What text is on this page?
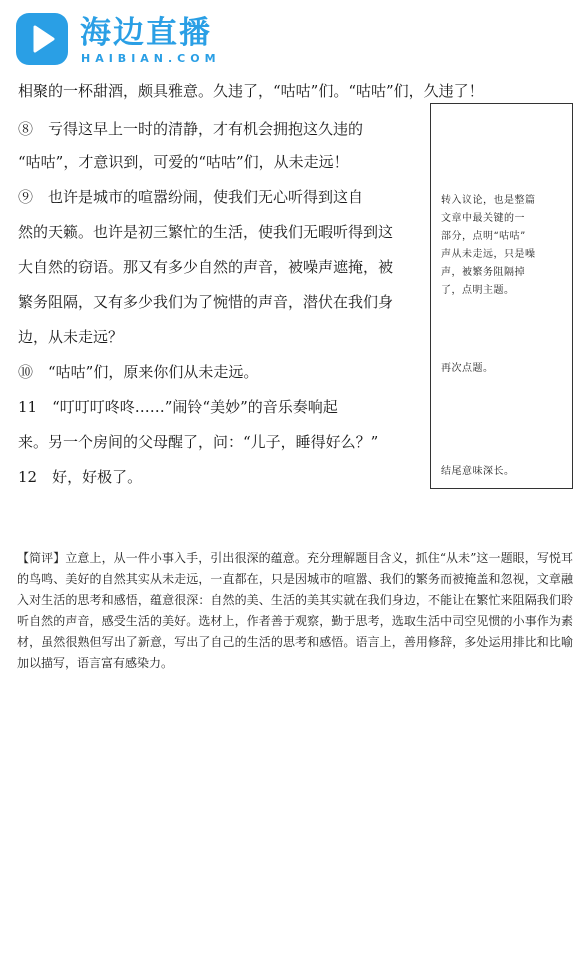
海边直播
HAIBIAN.COM
相聚的一杯甜酒，颇具雅意。久违了，“咕咕”们。“咕咕”们，久违了！
⑧　亏得这早上一时的清静，才有机会拥抱这久违的
“咕咕”，才意识到，可爱的“咕咕”们，从未走远！
⑨　也许是城市的喧嚣纷闹，使我们无心听得到这自
然的天籁。也许是初三繁忙的生活，使我们无暇听得到这
大自然的窃语。那又有多少自然的声音，被噪声遮掩，被
繁务阻隔，又有多少我们为了惋惜的声音，潜伏在我们身
边，从未走远？
⑩　“咕咕”们，原来你们从未走远。
11　“叮叮叮咚咚……”闹铃“美妙”的音乐奏响起
来。另一个房间的父母醒了，问：“儿子，睡得好么？”
12　好，好极了。
转入议论，也是整篇
文章中最关键的一
部分，点明“咕咕”
声从未走远，只是噪
声，被繁务阻隔掉
了，点明主题。
再次点题。
结尾意味深长。
【简评】立意上，从一件小事入手，引出很深的蕴意。充分理解题目含义，抓住“从未”这一题眼，写悦耳的鸟鸣、美好的自然其实从未走远，一直都在，只是因城市的喧嚣、我们的繁务而被掩盖和忽视，文章融入对生活的思考和感悟，蕴意很深：自然的美、生活的美其实就在我们身边，不能让在繁忙来阻隔我们聆听自然的声音，感受生活的美好。选材上，作者善于观察，勤于思考，选取生活中司空见惯的小事作为素材，虽然很熟但写出了新意，写出了自己的生活的思考和感悟。语言上，善用修辞，多处运用排比和比喻加以描写，语言富有感染力。
